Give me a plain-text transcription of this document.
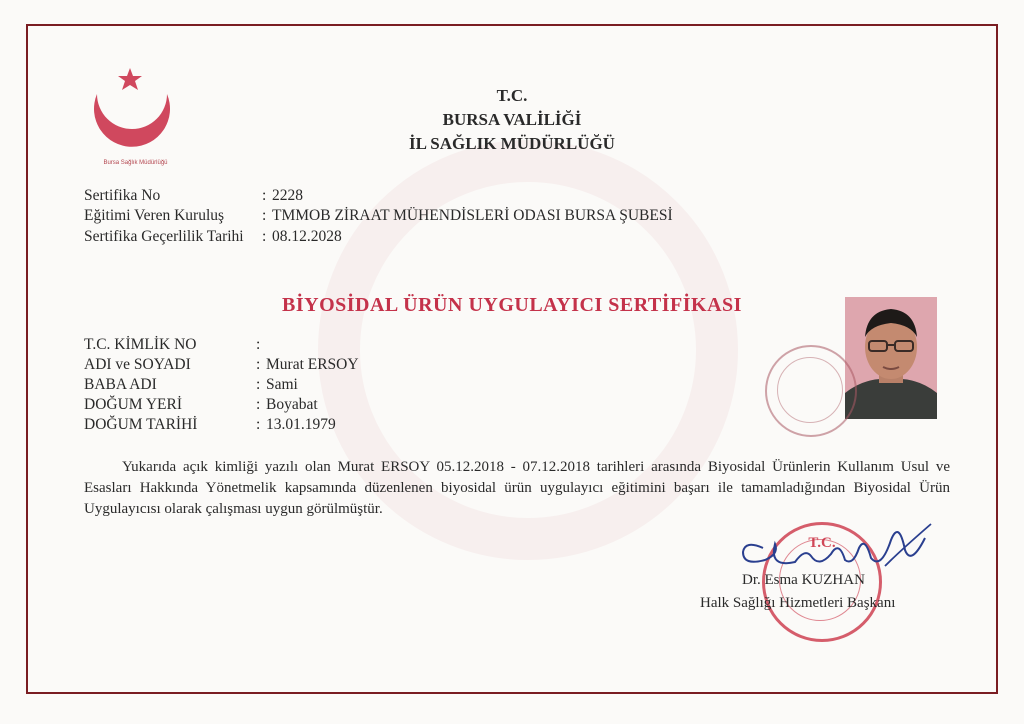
Bursa Sağlık Müdürlüğü
T.C.
BURSA VALİLİĞİ
İL SAĞLIK MÜDÜRLÜĞÜ
Sertifika No	: 2228
Eğitimi Veren Kuruluş	: TMMOB ZİRAAT MÜHENDİSLERİ ODASI BURSA ŞUBESİ
Sertifika Geçerlilik Tarihi	: 08.12.2028
BİYOSİDAL ÜRÜN UYGULAYICI SERTİFİKASI
T.C. KİMLİK NO	:
ADI ve SOYADI	: Murat ERSOY
BABA ADI	: Sami
DOĞUM YERİ	: Boyabat
DOĞUM TARİHİ	: 13.01.1979

Yukarıda açık kimliği yazılı olan Murat ERSOY 05.12.2018 - 07.12.2018 tarihleri arasında Biyosidal Ürünlerin Kullanım Usul ve Esasları Hakkında Yönetmelik kapsamında düzenlenen biyosidal ürün uygulayıcı eğitimini başarı ile tamamladığından Biyosidal Ürün Uygulayıcısı olarak çalışması uygun görülmüştür.

T.C.
Dr. Esma KUZHAN
Halk Sağlığı Hizmetleri Başkanı
